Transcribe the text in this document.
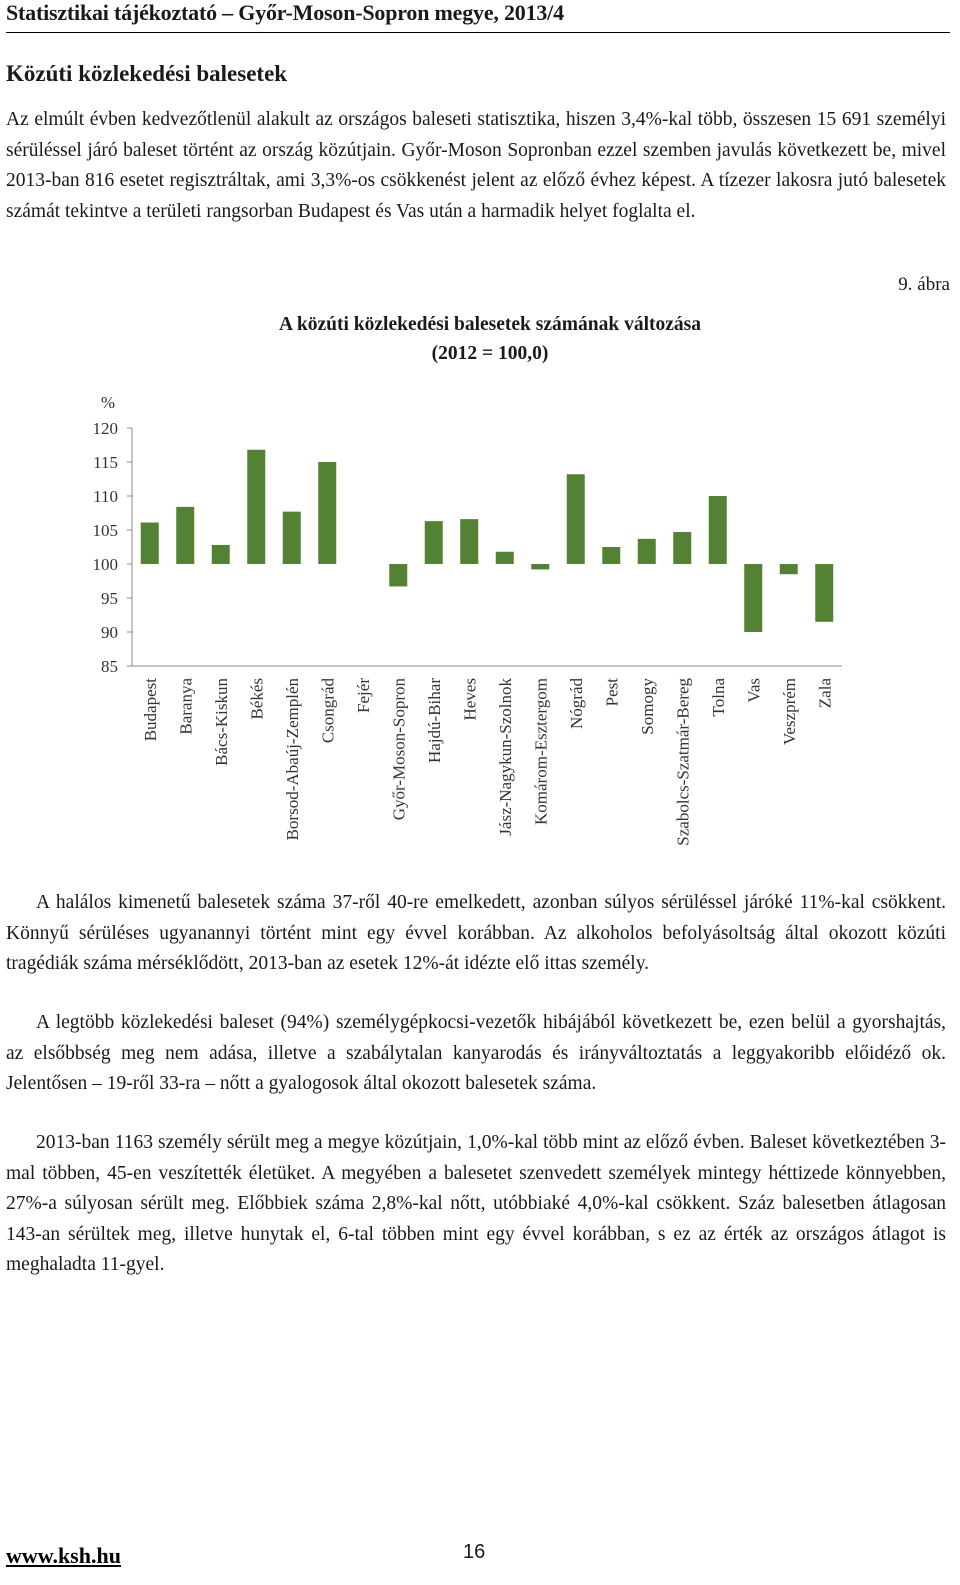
Statisztikai tájékoztató – Győr-Moson-Sopron megye, 2013/4
Közúti közlekedési balesetek

Az elmúlt évben kedvezőtlenül alakult az országos baleseti statisztika, hiszen 3,4%-kal több, összesen 15 691 személyi sérüléssel járó baleset történt az ország közútjain. Győr-Moson Sopronban ezzel szemben javulás következett be, mivel 2013-ban 816 esetet regisztráltak, ami 3,3%-os csökkenést jelent az előző évhez képest. A tízezer lakosra jutó balesetek számát tekintve a területi rangsorban Budapest és Vas után a harmadik helyet foglalta el.

9. ábra
A közúti közlekedési balesetek számának változása
(2012 = 100,0)
%
120
115
110
105
100
95
90
85
Budapest Baranya Bács-Kiskun Békés Borsod-Abaúj-Zemplén Csongrád Fejér Győr-Moson-Sopron Hajdú-Bihar Heves Jász-Nagykun-Szolnok Komárom-Esztergom Nógrád Pest Somogy Szabolcs-Szatmár-Bereg Tolna Vas Veszprém Zala

A halálos kimenetű balesetek száma 37-ről 40-re emelkedett, azonban súlyos sérüléssel járóké 11%-kal csökkent. Könnyű sérüléses ugyanannyi történt mint egy évvel korábban. Az alkoholos befolyásoltság által okozott közúti tragédiák száma mérséklődött, 2013-ban az esetek 12%-át idézte elő ittas személy.

A legtöbb közlekedési baleset (94%) személygépkocsi-vezetők hibájából következett be, ezen belül a gyorshajtás, az elsőbbség meg nem adása, illetve a szabálytalan kanyarodás és irányváltoztatás a leggyakoribb előidéző ok. Jelentősen – 19-ről 33-ra – nőtt a gyalogosok által okozott balesetek száma.

2013-ban 1163 személy sérült meg a megye közútjain, 1,0%-kal több mint az előző évben. Baleset következtében 3-mal többen, 45-en veszítették életüket. A megyében a balesetet szenvedett személyek mintegy héttizede könnyebben, 27%-a súlyosan sérült meg. Előbbiek száma 2,8%-kal nőtt, utóbbiaké 4,0%-kal csökkent. Száz balesetben átlagosan 143-an sérültek meg, illetve hunytak el, 6-tal többen mint egy évvel korábban, s ez az érték az országos átlagot is meghaladta 11-gyel.

www.ksh.hu	16
